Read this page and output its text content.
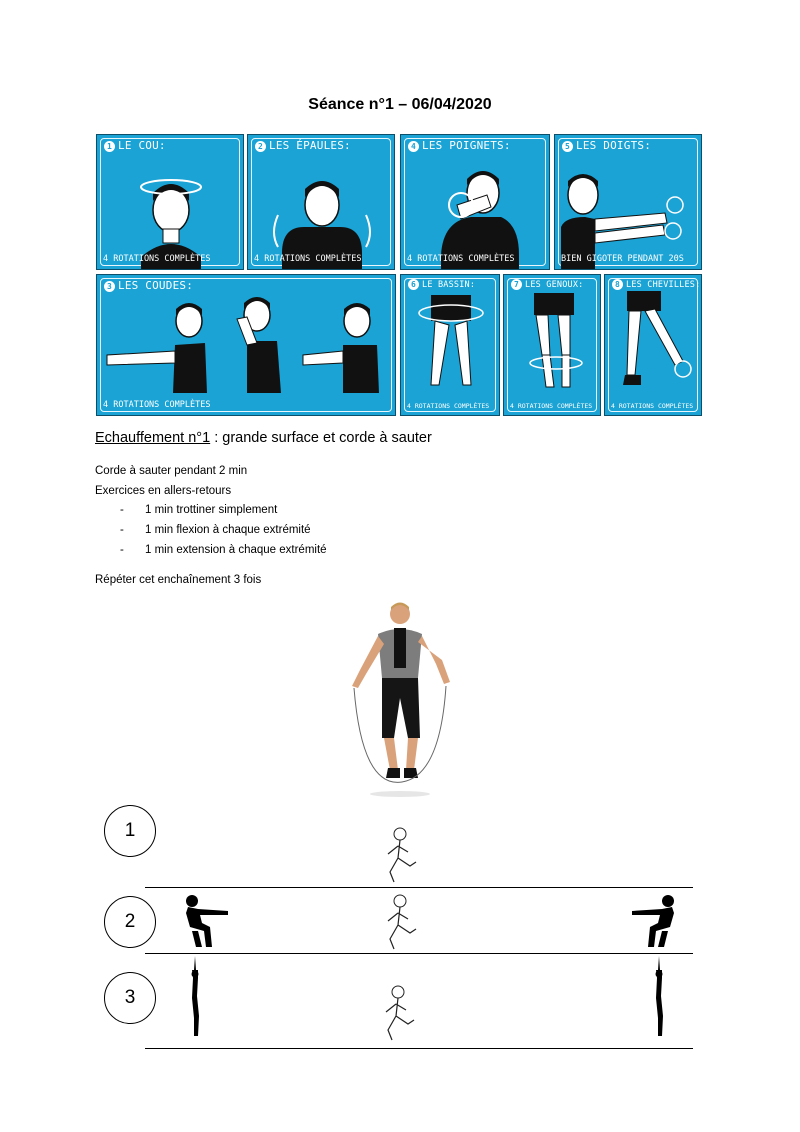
Séance n°1 – 06/04/2020
1 LE COU:
4 ROTATIONS COMPLÈTES
2 LES ÉPAULES:
4 ROTATIONS COMPLÈTES
4 LES POIGNETS:
4 ROTATIONS COMPLÈTES
5 LES DOIGTS:
BIEN GIGOTER PENDANT 20S
3 LES COUDES:
4 ROTATIONS COMPLÈTES
6 LE BASSIN:
4 ROTATIONS COMPLÈTES
7 LES GENOUX:
4 ROTATIONS COMPLÈTES
8 LES CHEVILLES:
4 ROTATIONS COMPLÈTES
Echauffement n°1 : grande surface et corde à sauter
Corde à sauter pendant 2 min
Exercices en allers-retours
- 1 min trottiner simplement
- 1 min flexion à chaque extrémité
- 1 min extension à chaque extrémité
Répéter cet enchaînement 3 fois
1
2
3
